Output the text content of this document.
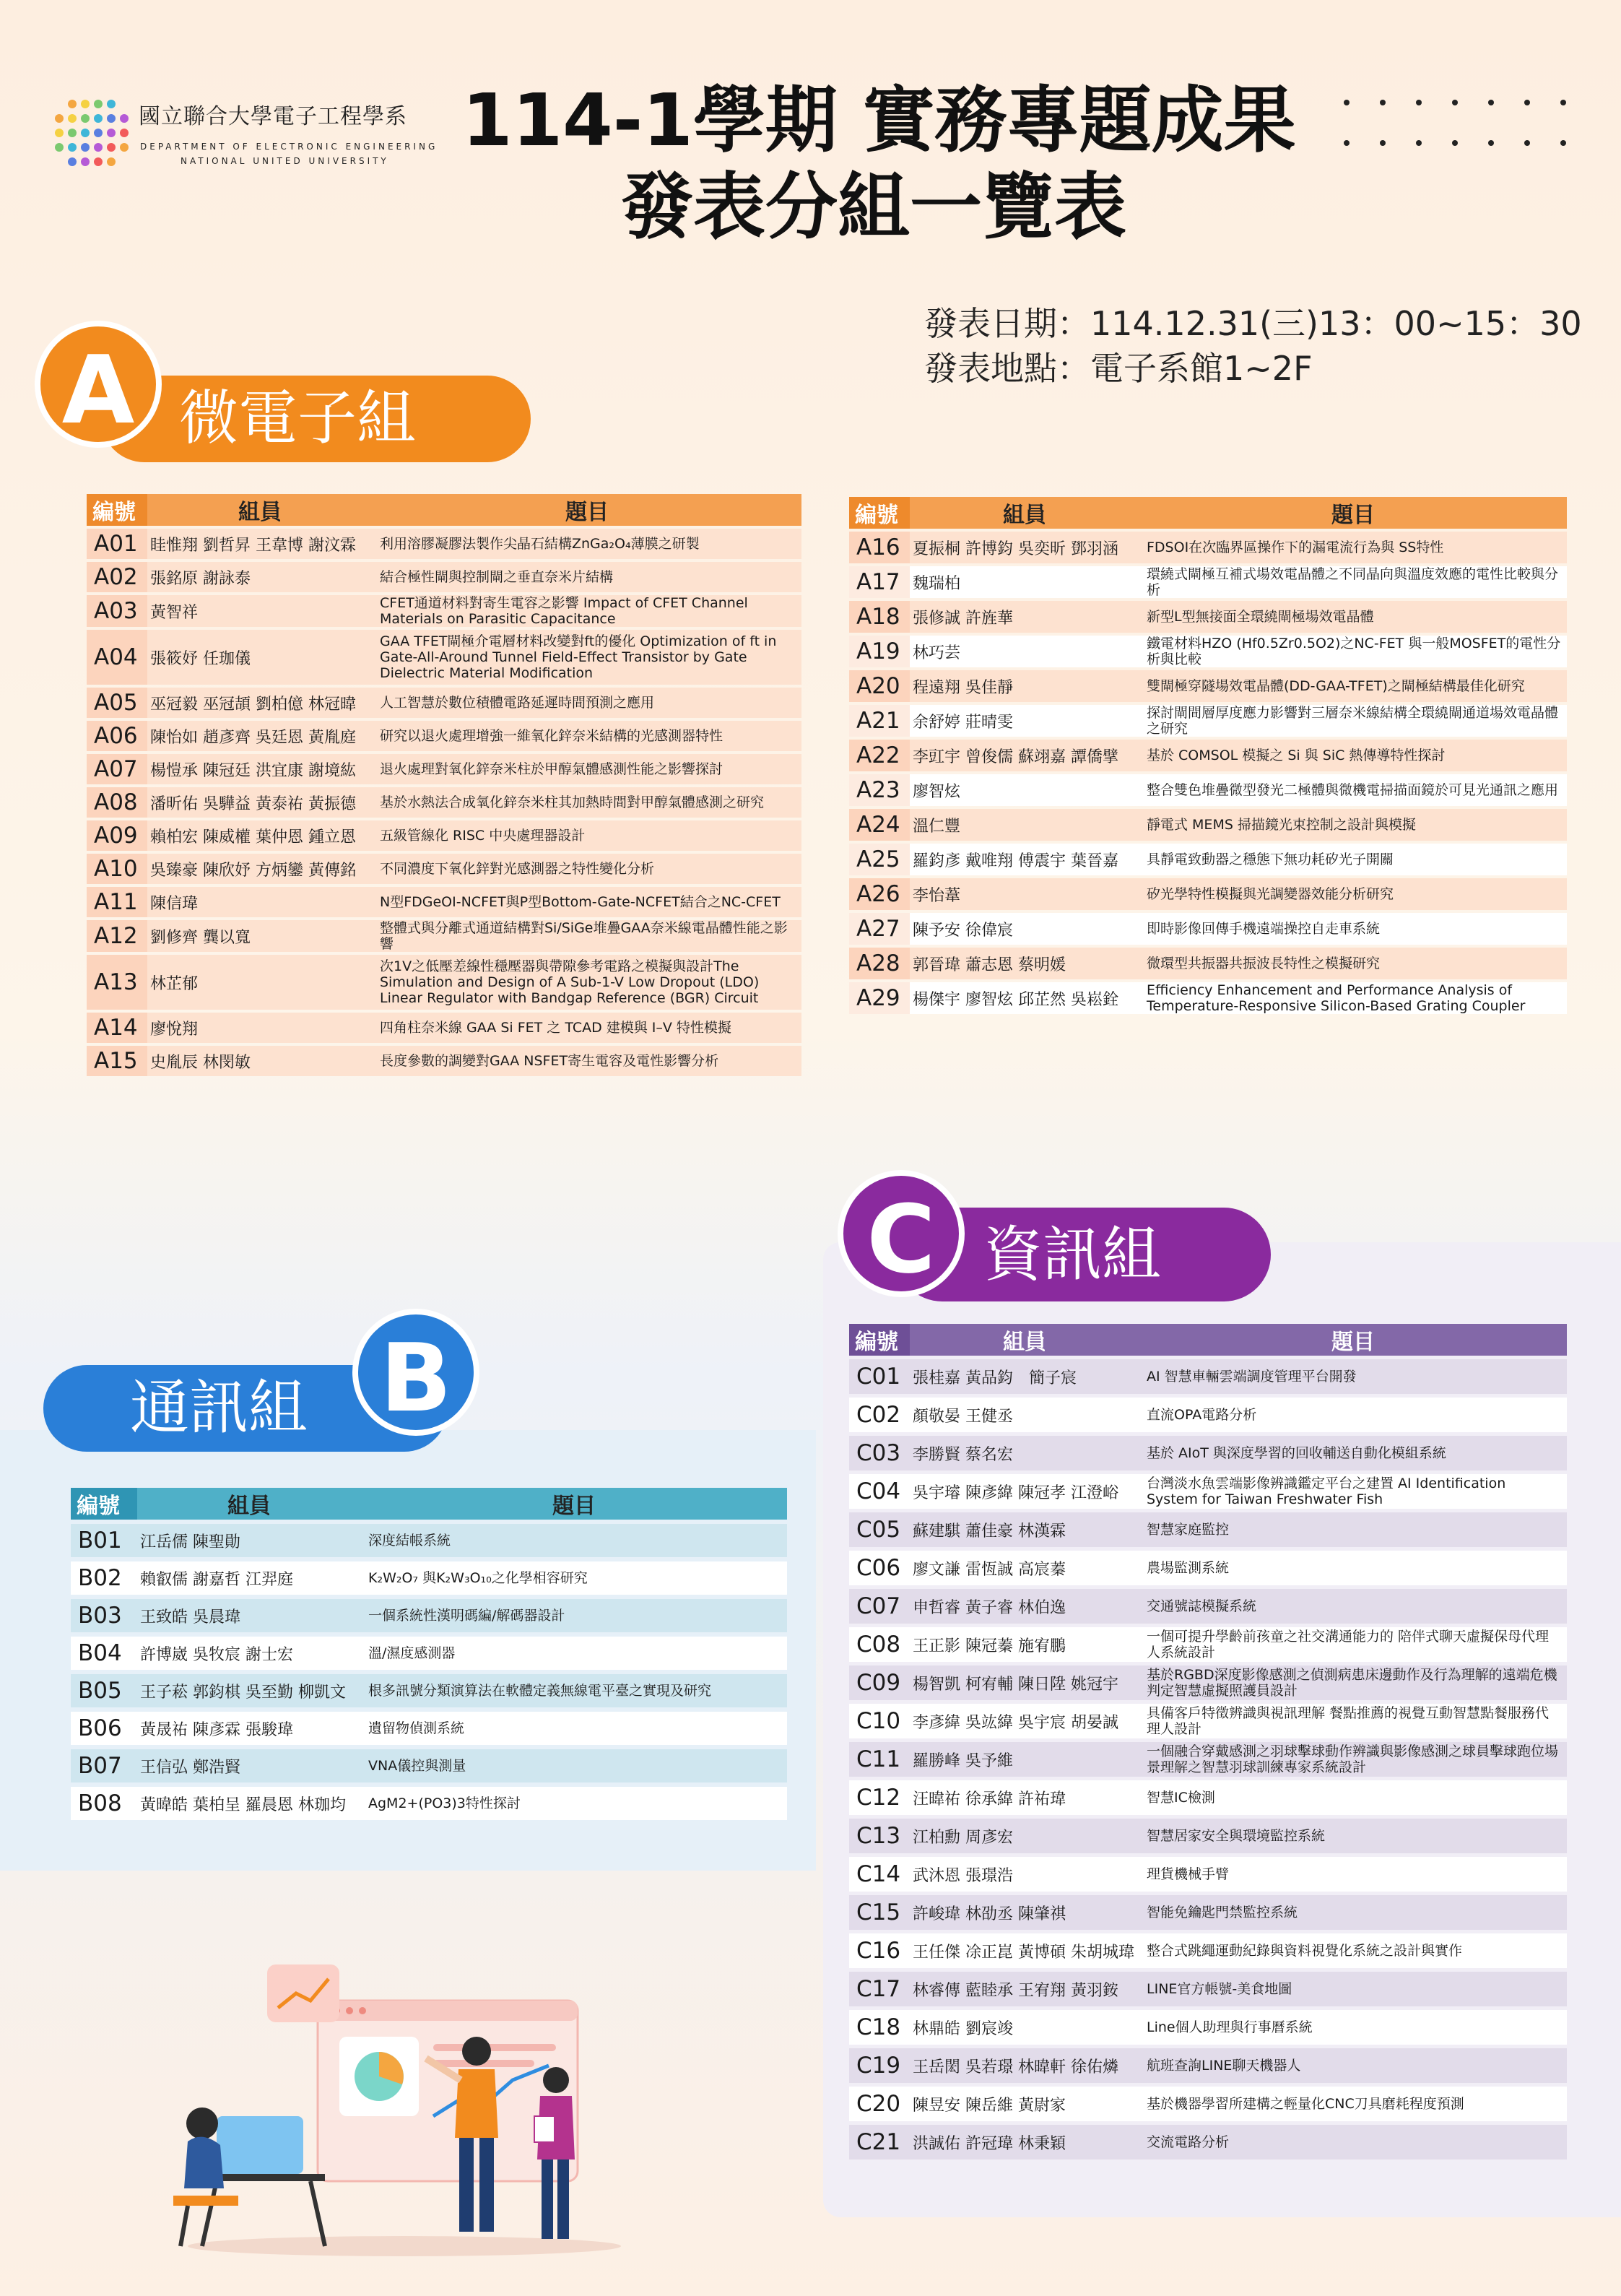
國立聯合大學電子工程學系
DEPARTMENT OF ELECTRONIC ENGINEERING
NATIONAL UNITED UNIVERSITY 114-1學期 實務專題成果
發表分組一覽表
發表日期：114.12.31(三)13：00~15：30
發表地點：電子系館1~2F
微電子組
A
編號	組員	題目
A01	眭惟翔 劉哲昇 王韋博 謝汶霖	利用溶膠凝膠法製作尖晶石結構ZnGa₂O₄薄膜之研製
A02	張銘原 謝詠泰	結合極性閘與控制閘之垂直奈米片結構
A03	黃智祥	CFET通道材料對寄生電容之影響 Impact of CFET Channel Materials on Parasitic Capacitance
A04	張筱妤 任珈儀	GAA TFET閘極介電層材料改變對ft的優化 Optimization of ft in Gate-All-Around Tunnel Field-Effect Transistor by Gate Dielectric Material Modification
A05	巫冠毅 巫冠頡 劉柏億 林冠暐	人工智慧於數位積體電路延遲時間預測之應用
A06	陳怡如 趙彥齊 吳廷恩 黃胤庭	研究以退火處理增強一維氧化鋅奈米結構的光感測器特性
A07	楊愷承 陳冠廷 洪宜康 謝境紘	退火處理對氧化鋅奈米柱於甲醇氣體感測性能之影響探討
A08	潘昕佑 吳驊益 黃泰祐 黃振德	基於水熱法合成氧化鋅奈米柱其加熱時間對甲醇氣體感測之研究
A09	賴柏宏 陳威權 葉仲恩 鍾立恩	五級管線化 RISC 中央處理器設計
A10	吳臻豪 陳欣妤 方炳鑾 黃傳銘	不同濃度下氧化鋅對光感測器之特性變化分析
A11	陳信瑋	N型FDGeOI-NCFET與P型Bottom-Gate-NCFET結合之NC-CFET
A12	劉修齊 龔以寬	整體式與分離式通道結構對Si/SiGe堆疊GAA奈米線電晶體性能之影響
A13	林芷郁	次1V之低壓差線性穩壓器與帶隙參考電路之模擬與設計The Simulation and Design of A Sub-1-V Low Dropout (LDO) Linear Regulator with Bandgap Reference (BGR) Circuit
A14	廖悅翔	四角柱奈米線 GAA Si FET 之 TCAD 建模與 I–V 特性模擬
A15	史胤辰 林閔敏	長度參數的調變對GAA NSFET寄生電容及電性影響分析
編號	組員	題目
A16	夏振桐 許博鈞 吳奕昕 鄧羽涵	FDSOI在次臨界區操作下的漏電流行為與 SS特性
A17	魏瑞柏	環繞式閘極互補式場效電晶體之不同晶向與溫度效應的電性比較與分析
A18	張修誠 許旌華	新型L型無接面全環繞閘極場效電晶體
A19	林巧芸	鐵電材料HZO (Hf0.5Zr0.5O2)之NC-FET 與一般MOSFET的電性分析與比較
A20	程遠翔 吳佳靜	雙閘極穿隧場效電晶體(DD-GAA-TFET)之閘極結構最佳化研究
A21	余舒婷 莊晴雯	探討閘間層厚度應力影響對三層奈米線結構全環繞閘通道場效電晶體之研究
A22	李豇宇 曾俊儒 蘇翊嘉 譚僑擘	基於 COMSOL 模擬之 Si 與 SiC 熱傳導特性探討
A23	廖智炫	整合雙色堆疊微型發光二極體與微機電掃描面鏡於可見光通訊之應用
A24	溫仁豐	靜電式 MEMS 掃描鏡光束控制之設計與模擬
A25	羅鈞彥 戴唯翔 傅震宇 葉晉嘉	具靜電致動器之穩態下無功耗矽光子開關
A26	李怡葦	矽光學特性模擬與光調變器效能分析研究
A27	陳予安 徐偉宸	即時影像回傳手機遠端操控自走車系統
A28	郭晉瑋 蕭志恩 蔡明媛	微環型共振器共振波長特性之模擬研究
A29	楊傑宇 廖智炫 邱芷然 吳崧銓	Efficiency Enhancement and Performance Analysis of Temperature-Responsive Silicon-Based Grating Coupler
通訊組 B
編號	組員	題目
B01	江岳儒 陳聖勛	深度結帳系統
B02	賴叡儒 謝嘉哲 江羿庭	K₂W₂O₇ 與K₂W₃O₁₀之化學相容研究
B03	王致皓 吳晨瑋	一個系統性漢明碼編/解碼器設計
B04	許博崴 吳牧宸 謝士宏	溫/濕度感測器
B05	王子菘 郭鈞棋 吳至勤 柳凱文	根多訊號分類演算法在軟體定義無線電平臺之實現及研究
B06	黃晟祐 陳彥霖 張駿瑋	遺留物偵測系統
B07	王信弘 鄭浩賢	VNA儀控與測量
B08	黃暐皓 葉柏呈 羅晨恩 林珈均	AgM2+(PO3)3特性探討
資訊組
C
編號	組員	題目
C01	張桂嘉 黃品鈞　簡子宸	AI 智慧車輛雲端調度管理平台開發
C02	顏敬晏 王健丞	直流OPA電路分析
C03	李勝賢 蔡名宏	基於 AIoT 與深度學習的回收輔送自動化模組系統
C04	吳宇璿 陳彥緯 陳冠孝 江澄峪	台灣淡水魚雲端影像辨識鑑定平台之建置 AI Identification System for Taiwan Freshwater Fish
C05	蘇建騏 蕭佳豪 林漢霖	智慧家庭監控
C06	廖文謙 雷恆誠 高宸蓁	農場監測系統
C07	申哲睿 黃子睿 林伯逸	交通號誌模擬系統
C08	王正影 陳冠蓁 施宥鵬	一個可提升學齡前孩童之社交溝通能力的 陪伴式聊天虛擬保母代理人系統設計
C09	楊智凱 柯宥輔 陳日陞 姚冠宇	基於RGBD深度影像感測之偵測病患床邊動作及行為理解的遠端危機判定智慧虛擬照護員設計
C10	李彥緯 吳竑緯 吳宇宸 胡晏誠	具備客戶特徵辨識與視訊理解 餐點推薦的視覺互動智慧點餐服務代理人設計
C11	羅勝峰 吳予維	一個融合穿戴感測之羽球擊球動作辨識與影像感測之球員擊球跑位場景理解之智慧羽球訓練專家系統設計
C12	汪暐祐 徐承緯 許祐瑋	智慧IC檢測
C13	江柏勳 周彥宏	智慧居家安全與環境監控系統
C14	武沐恩 張璟浩	理貨機械手臂
C15	許峻瑋 林劭丞 陳肇祺	智能免鑰匙門禁監控系統
C16	王任傑 凃正崑 黃博碩 朱胡城瑋	整合式跳繩運動紀錄與資料視覺化系統之設計與實作
C17	林睿傳 藍睦承 王宥翔 黃羽銨	LINE官方帳號-美食地圖
C18	林鼎皓 劉宸竣	Line個人助理與行事曆系統
C19	王岳閎 吳若璟 林暐軒 徐佑燐	航班查詢LINE聊天機器人
C20	陳昱安 陳岳維 黃尉家	基於機器學習所建構之輕量化CNC刀具磨耗程度預測
C21	洪誠佑 許冠瑋 林秉穎	交流電路分析
